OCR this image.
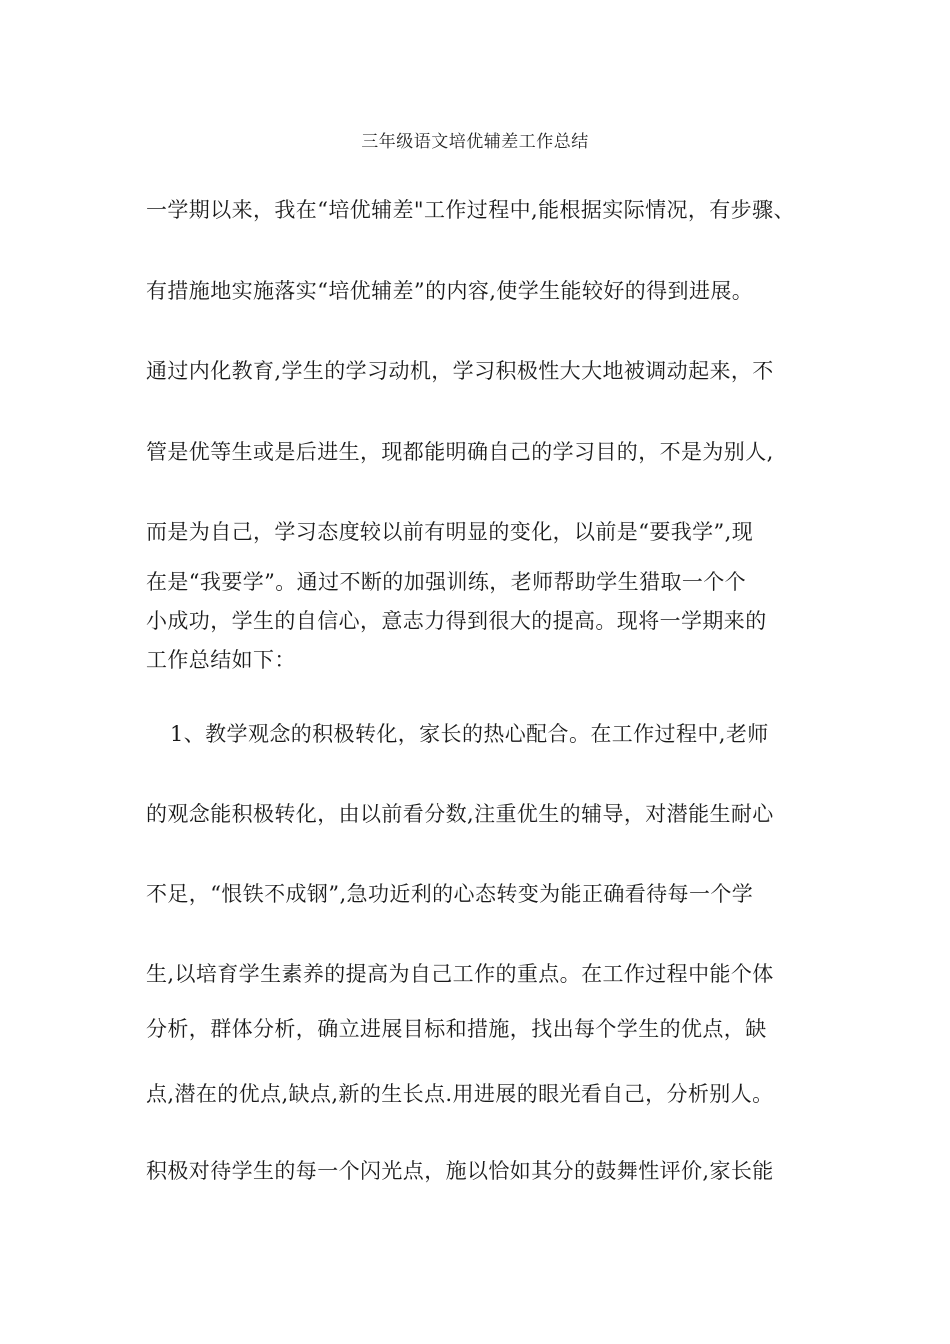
三年级语文培优辅差工作总结
一学期以来，我在“培优辅差"工作过程中,能根据实际情况，有步骤、
有措施地实施落实“培优辅差”的内容,使学生能较好的得到进展。
通过内化教育,学生的学习动机，学习积极性大大地被调动起来，不
管是优等生或是后进生，现都能明确自己的学习目的，不是为别人,
而是为自己，学习态度较以前有明显的变化，以前是“要我学”,现
在是“我要学”。通过不断的加强训练，老师帮助学生猎取一个个
小成功，学生的自信心，意志力得到很大的提高。现将一学期来的
工作总结如下：
1、教学观念的积极转化，家长的热心配合。在工作过程中,老师
的观念能积极转化，由以前看分数,注重优生的辅导，对潜能生耐心
不足，“恨铁不成钢”,急功近利的心态转变为能正确看待每一个学
生,以培育学生素养的提高为自己工作的重点。在工作过程中能个体
分析，群体分析，确立进展目标和措施，找出每个学生的优点，缺
点,潜在的优点,缺点,新的生长点.用进展的眼光看自己，分析别人。
积极对待学生的每一个闪光点，施以恰如其分的鼓舞性评价,家长能
